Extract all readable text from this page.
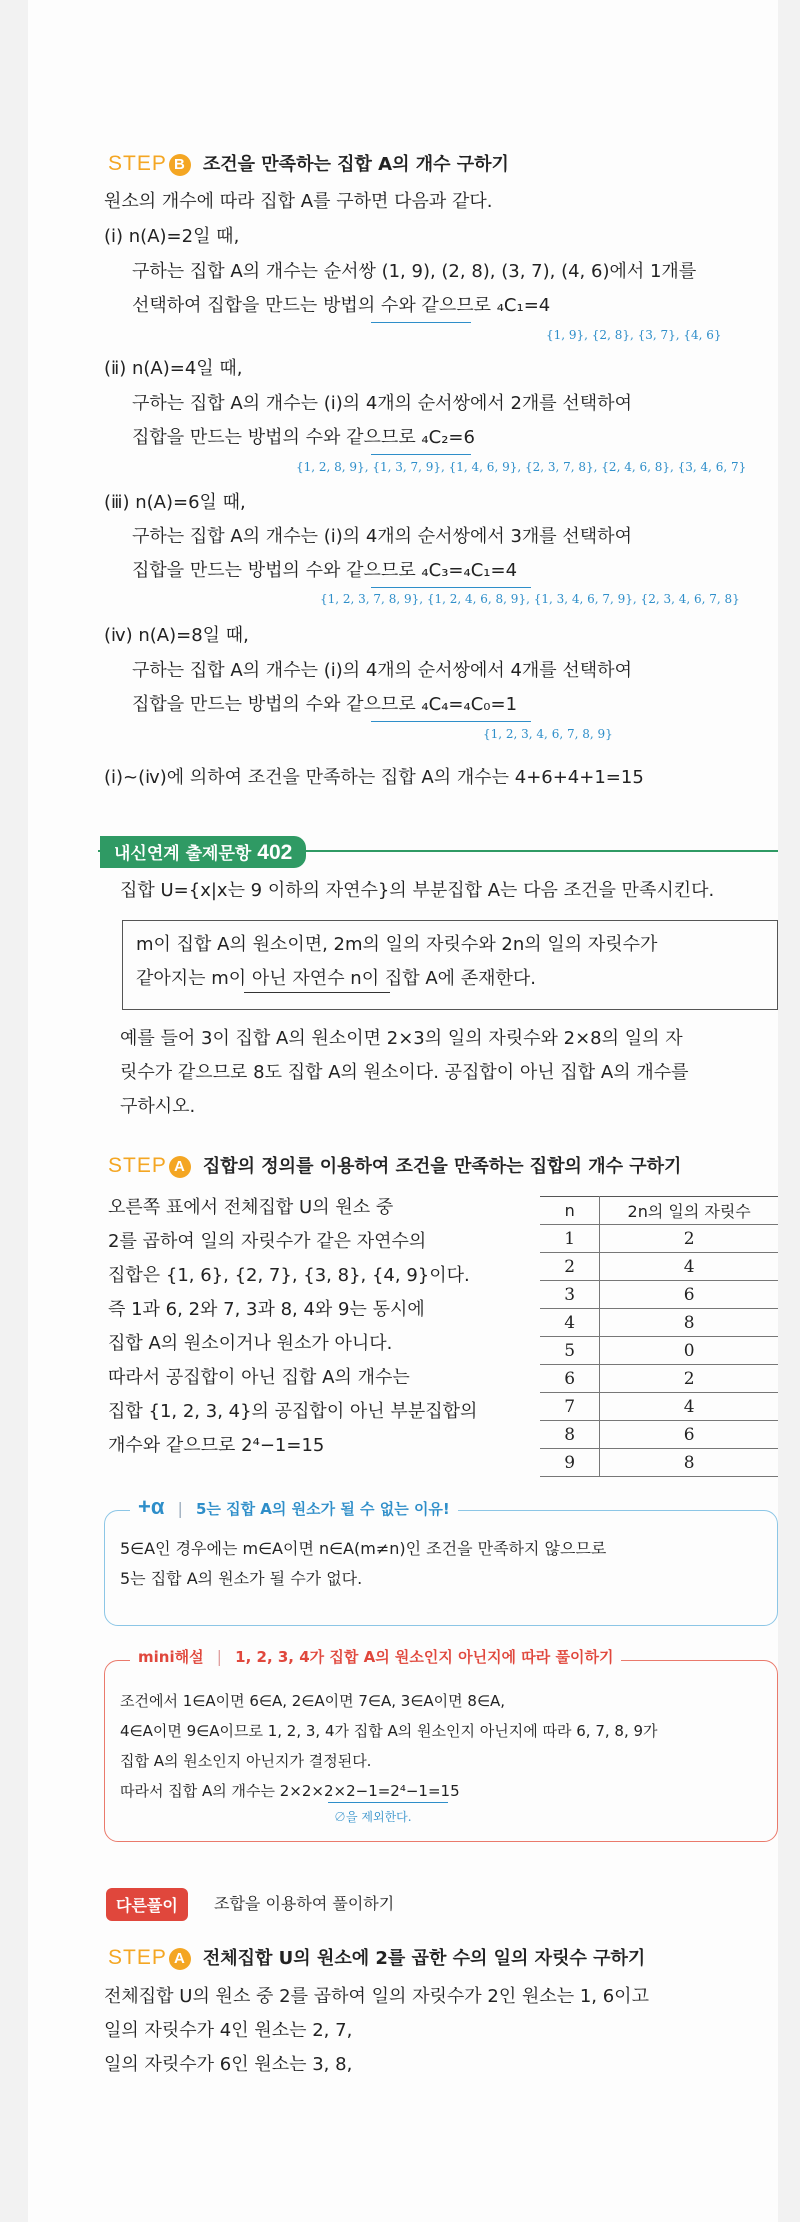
STEP B 조건을 만족하는 집합 A의 개수 구하기
원소의 개수에 따라 집합 A를 구하면 다음과 같다.
(ⅰ) n(A)=2일 때,
구하는 집합 A의 개수는 순서쌍 (1, 9), (2, 8), (3, 7), (4, 6)에서 1개를
선택하여 집합을 만드는 방법의 수와 같으므로 ₄C₁=4
{1, 9}, {2, 8}, {3, 7}, {4, 6}
(ⅱ) n(A)=4일 때,
구하는 집합 A의 개수는 (ⅰ)의 4개의 순서쌍에서 2개를 선택하여
집합을 만드는 방법의 수와 같으므로 ₄C₂=6
{1, 2, 8, 9}, {1, 3, 7, 9}, {1, 4, 6, 9}, {2, 3, 7, 8}, {2, 4, 6, 8}, {3, 4, 6, 7}
(ⅲ) n(A)=6일 때,
구하는 집합 A의 개수는 (ⅰ)의 4개의 순서쌍에서 3개를 선택하여
집합을 만드는 방법의 수와 같으므로 ₄C₃=₄C₁=4
{1, 2, 3, 7, 8, 9}, {1, 2, 4, 6, 8, 9}, {1, 3, 4, 6, 7, 9}, {2, 3, 4, 6, 7, 8}
(ⅳ) n(A)=8일 때,
구하는 집합 A의 개수는 (ⅰ)의 4개의 순서쌍에서 4개를 선택하여
집합을 만드는 방법의 수와 같으므로 ₄C₄=₄C₀=1
{1, 2, 3, 4, 6, 7, 8, 9}
(ⅰ)~(ⅳ)에 의하여 조건을 만족하는 집합 A의 개수는 4+6+4+1=15
내신연계 출제문항 402
집합 U={x|x는 9 이하의 자연수}의 부분집합 A는 다음 조건을 만족시킨다.
m이 집합 A의 원소이면, 2m의 일의 자릿수와 2n의 일의 자릿수가
같아지는 m이 아닌 자연수 n이 집합 A에 존재한다.
예를 들어 3이 집합 A의 원소이면 2×3의 일의 자릿수와 2×8의 일의 자
릿수가 같으므로 8도 집합 A의 원소이다. 공집합이 아닌 집합 A의 개수를
구하시오.
STEP A 집합의 정의를 이용하여 조건을 만족하는 집합의 개수 구하기
오른쪽 표에서 전체집합 U의 원소 중
2를 곱하여 일의 자릿수가 같은 자연수의
집합은 {1, 6}, {2, 7}, {3, 8}, {4, 9}이다.
즉 1과 6, 2와 7, 3과 8, 4와 9는 동시에
집합 A의 원소이거나 원소가 아니다.
따라서 공집합이 아닌 집합 A의 개수는
집합 {1, 2, 3, 4}의 공집합이 아닌 부분집합의
개수와 같으므로 2⁴−1=15
n	2n의 일의 자릿수
1	2
2	4
3	6
4	8
5	0
6	2
7	4
8	6
9	8
+α | 5는 집합 A의 원소가 될 수 없는 이유!
5∈A인 경우에는 m∈A이면 n∈A(m≠n)인 조건을 만족하지 않으므로
5는 집합 A의 원소가 될 수가 없다.
mini해설 | 1, 2, 3, 4가 집합 A의 원소인지 아닌지에 따라 풀이하기
조건에서 1∈A이면 6∈A, 2∈A이면 7∈A, 3∈A이면 8∈A,
4∈A이면 9∈A이므로 1, 2, 3, 4가 집합 A의 원소인지 아닌지에 따라 6, 7, 8, 9가
집합 A의 원소인지 아닌지가 결정된다.
따라서 집합 A의 개수는 2×2×2×2−1=2⁴−1=15
∅을 제외한다.
다른풀이	조합을 이용하여 풀이하기
STEP A 전체집합 U의 원소에 2를 곱한 수의 일의 자릿수 구하기
전체집합 U의 원소 중 2를 곱하여 일의 자릿수가 2인 원소는 1, 6이고
일의 자릿수가 4인 원소는 2, 7,
일의 자릿수가 6인 원소는 3, 8,
